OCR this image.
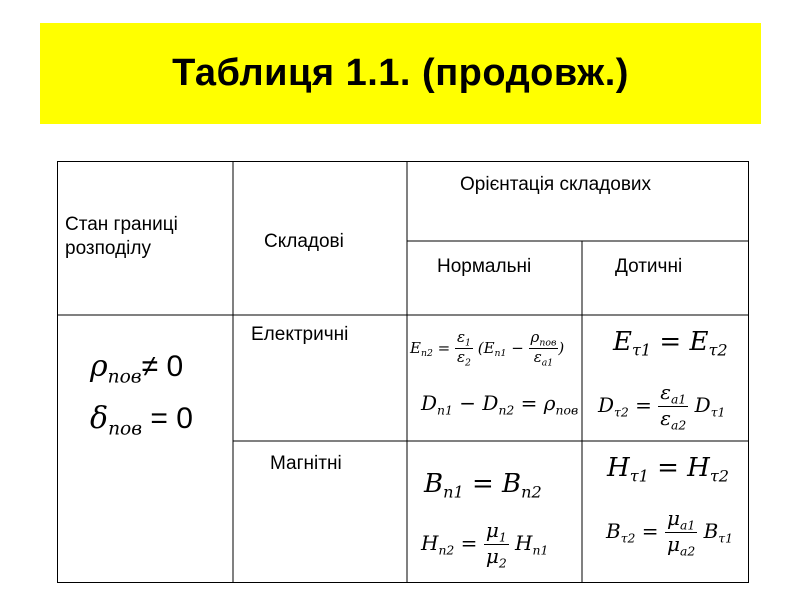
Таблиця 1.1. (продовж.)
Стан границі розподілу	Складові
Орієнтація складових
Нормальні	Дотичні
$\rho_{пов}\ne 0$
$\delta_{пов} = 0$
Електричні
$E_{n2} = \frac{\varepsilon_1}{\varepsilon_2} (E_{n1} - \frac{\rho_{пов}}{\varepsilon_{a1}}$ )
$D_{n1} - D_{n2} = \rho_{пов}$
$E_{\tau 1} = E_{\tau 2}$
$D_{\tau 2} = \frac{\varepsilon_{a1}}{\varepsilon_{a2}} D_{\tau 1}$
Магнітні
$B_{n1} = B_{n2}$
$H_{n2} = \frac{\mu_1}{\mu_2} H_{n1}$
$H_{\tau 1} = H_{\tau 2}$
$B_{\tau 2} = \frac{\mu_{a1}}{\mu_{a2}} B_{\tau 1}$
